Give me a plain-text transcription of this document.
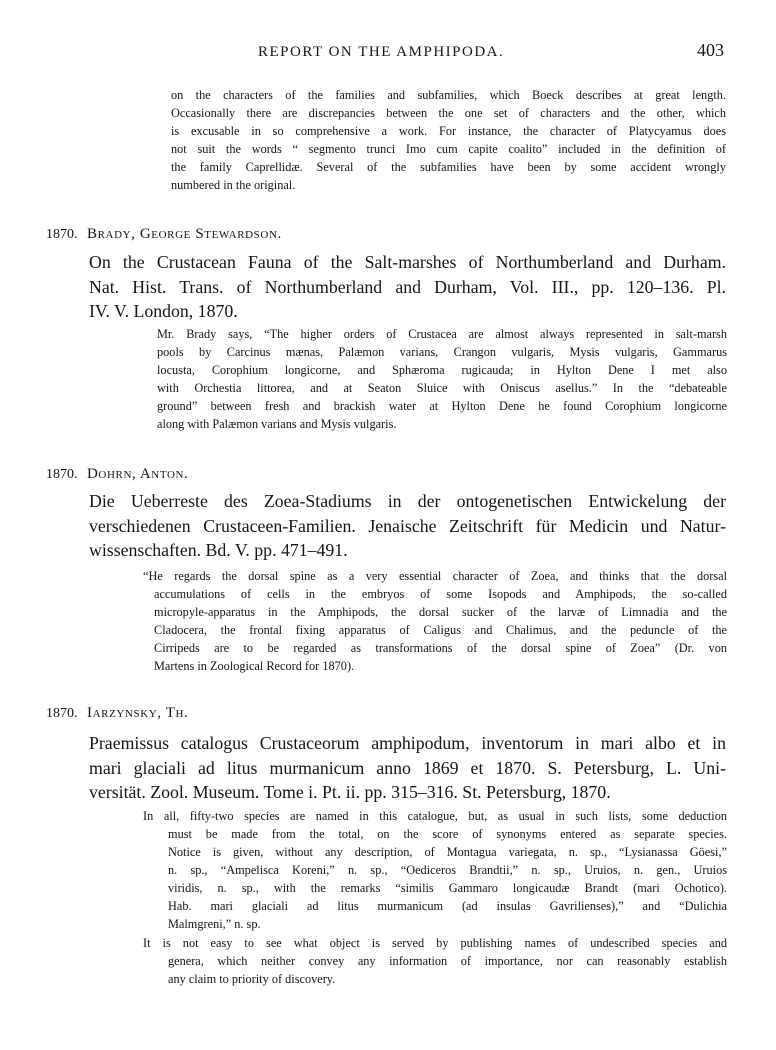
REPORT ON THE AMPHIPODA.	403
on the characters of the families and subfamilies, which Boeck describes at great length.
Occasionally there are discrepancies between the one set of characters and the other, which
is excusable in so comprehensive a work. For instance, the character of Platycyamus does
not suit the words “ segmento trunci Imo cum capite coalito” included in the definition of
the family Caprellidæ. Several of the subfamilies have been by some accident wrongly
numbered in the original.
1870. Brady, George Stewardson.
On the Crustacean Fauna of the Salt-marshes of Northumberland and Durham.
Nat. Hist. Trans. of Northumberland and Durham, Vol. III., pp. 120–136. Pl.
IV. V. London, 1870.
Mr. Brady says, “The higher orders of Crustacea are almost always represented in salt-marsh
pools by Carcinus mænas, Palæmon varians, Crangon vulgaris, Mysis vulgaris, Gammarus
locusta, Corophium longicorne, and Sphæroma rugicauda; in Hylton Dene I met also
with Orchestia littorea, and at Seaton Sluice with Oniscus asellus.” In the “debateable
ground” between fresh and brackish water at Hylton Dene he found Corophium longicorne
along with Palæmon varians and Mysis vulgaris.
1870. Dohrn, Anton.
Die Ueberreste des Zoea-Stadiums in der ontogenetischen Entwickelung der
verschiedenen Crustaceen-Familien. Jenaische Zeitschrift für Medicin und Natur-
wissenschaften. Bd. V. pp. 471–491.
“He regards the dorsal spine as a very essential character of Zoea, and thinks that the dorsal
accumulations of cells in the embryos of some Isopods and Amphipods, the so-called
micropyle-apparatus in the Amphipods, the dorsal sucker of the larvæ of Limnadia and the
Cladocera, the frontal fixing apparatus of Caligus and Chalimus, and the peduncle of the
Cirripeds are to be regarded as transformations of the dorsal spine of Zoea” (Dr. von
Martens in Zoological Record for 1870).
1870. Iarzynsky, Th.
Praemissus catalogus Crustaceorum amphipodum, inventorum in mari albo et in
mari glaciali ad litus murmanicum anno 1869 et 1870. S. Petersburg, L. Uni-
versität. Zool. Museum. Tome i. Pt. ii. pp. 315–316. St. Petersburg, 1870.
In all, fifty-two species are named in this catalogue, but, as usual in such lists, some deduction
must be made from the total, on the score of synonyms entered as separate species.
Notice is given, without any description, of Montagua variegata, n. sp., “Lysianassa Göesi,”
n. sp., “Ampelisca Koreni,” n. sp., “Oediceros Brandtii,” n. sp., Uruios, n. gen., Uruios
viridis, n. sp., with the remarks “similis Gammaro longicaudæ Brandt (mari Ochotico).
Hab. mari glaciali ad litus murmanicum (ad insulas Gavrilienses),” and “Dulichia
Malmgreni,” n. sp.
It is not easy to see what object is served by publishing names of undescribed species and
genera, which neither convey any information of importance, nor can reasonably establish
any claim to priority of discovery.
